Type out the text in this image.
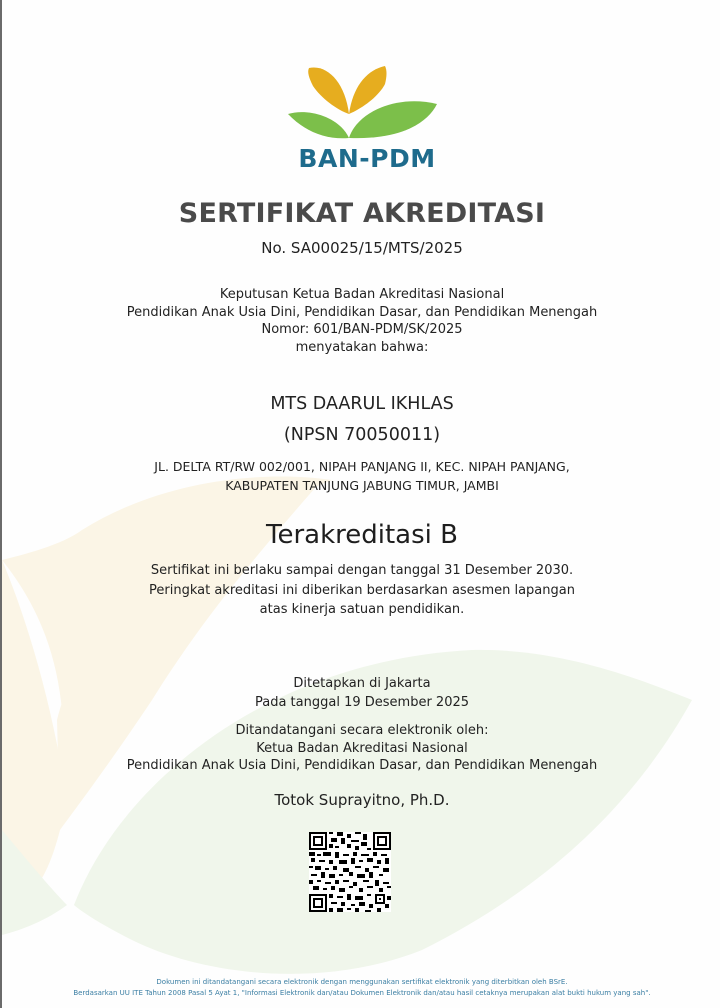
BAN-PDM
SERTIFIKAT AKREDITASI
No. SA00025/15/MTS/2025
Keputusan Ketua Badan Akreditasi Nasional
Pendidikan Anak Usia Dini, Pendidikan Dasar, dan Pendidikan Menengah
Nomor: 601/BAN-PDM/SK/2025
menyatakan bahwa:
MTS DAARUL IKHLAS
(NPSN 70050011)
JL. DELTA RT/RW 002/001, NIPAH PANJANG II, KEC. NIPAH PANJANG,
KABUPATEN TANJUNG JABUNG TIMUR, JAMBI
Terakreditasi B
Sertifikat ini berlaku sampai dengan tanggal 31 Desember 2030.
Peringkat akreditasi ini diberikan berdasarkan asesmen lapangan
atas kinerja satuan pendidikan.
Ditetapkan di Jakarta
Pada tanggal 19 Desember 2025
Ditandatangani secara elektronik oleh:
Ketua Badan Akreditasi Nasional
Pendidikan Anak Usia Dini, Pendidikan Dasar, dan Pendidikan Menengah
Totok Suprayitno, Ph.D.
Dokumen ini ditandatangani secara elektronik dengan menggunakan sertifikat elektronik yang diterbitkan oleh BSrE.
Berdasarkan UU ITE Tahun 2008 Pasal 5 Ayat 1, "Informasi Elektronik dan/atau Dokumen Elektronik dan/atau hasil cetaknya merupakan alat bukti hukum yang sah".
